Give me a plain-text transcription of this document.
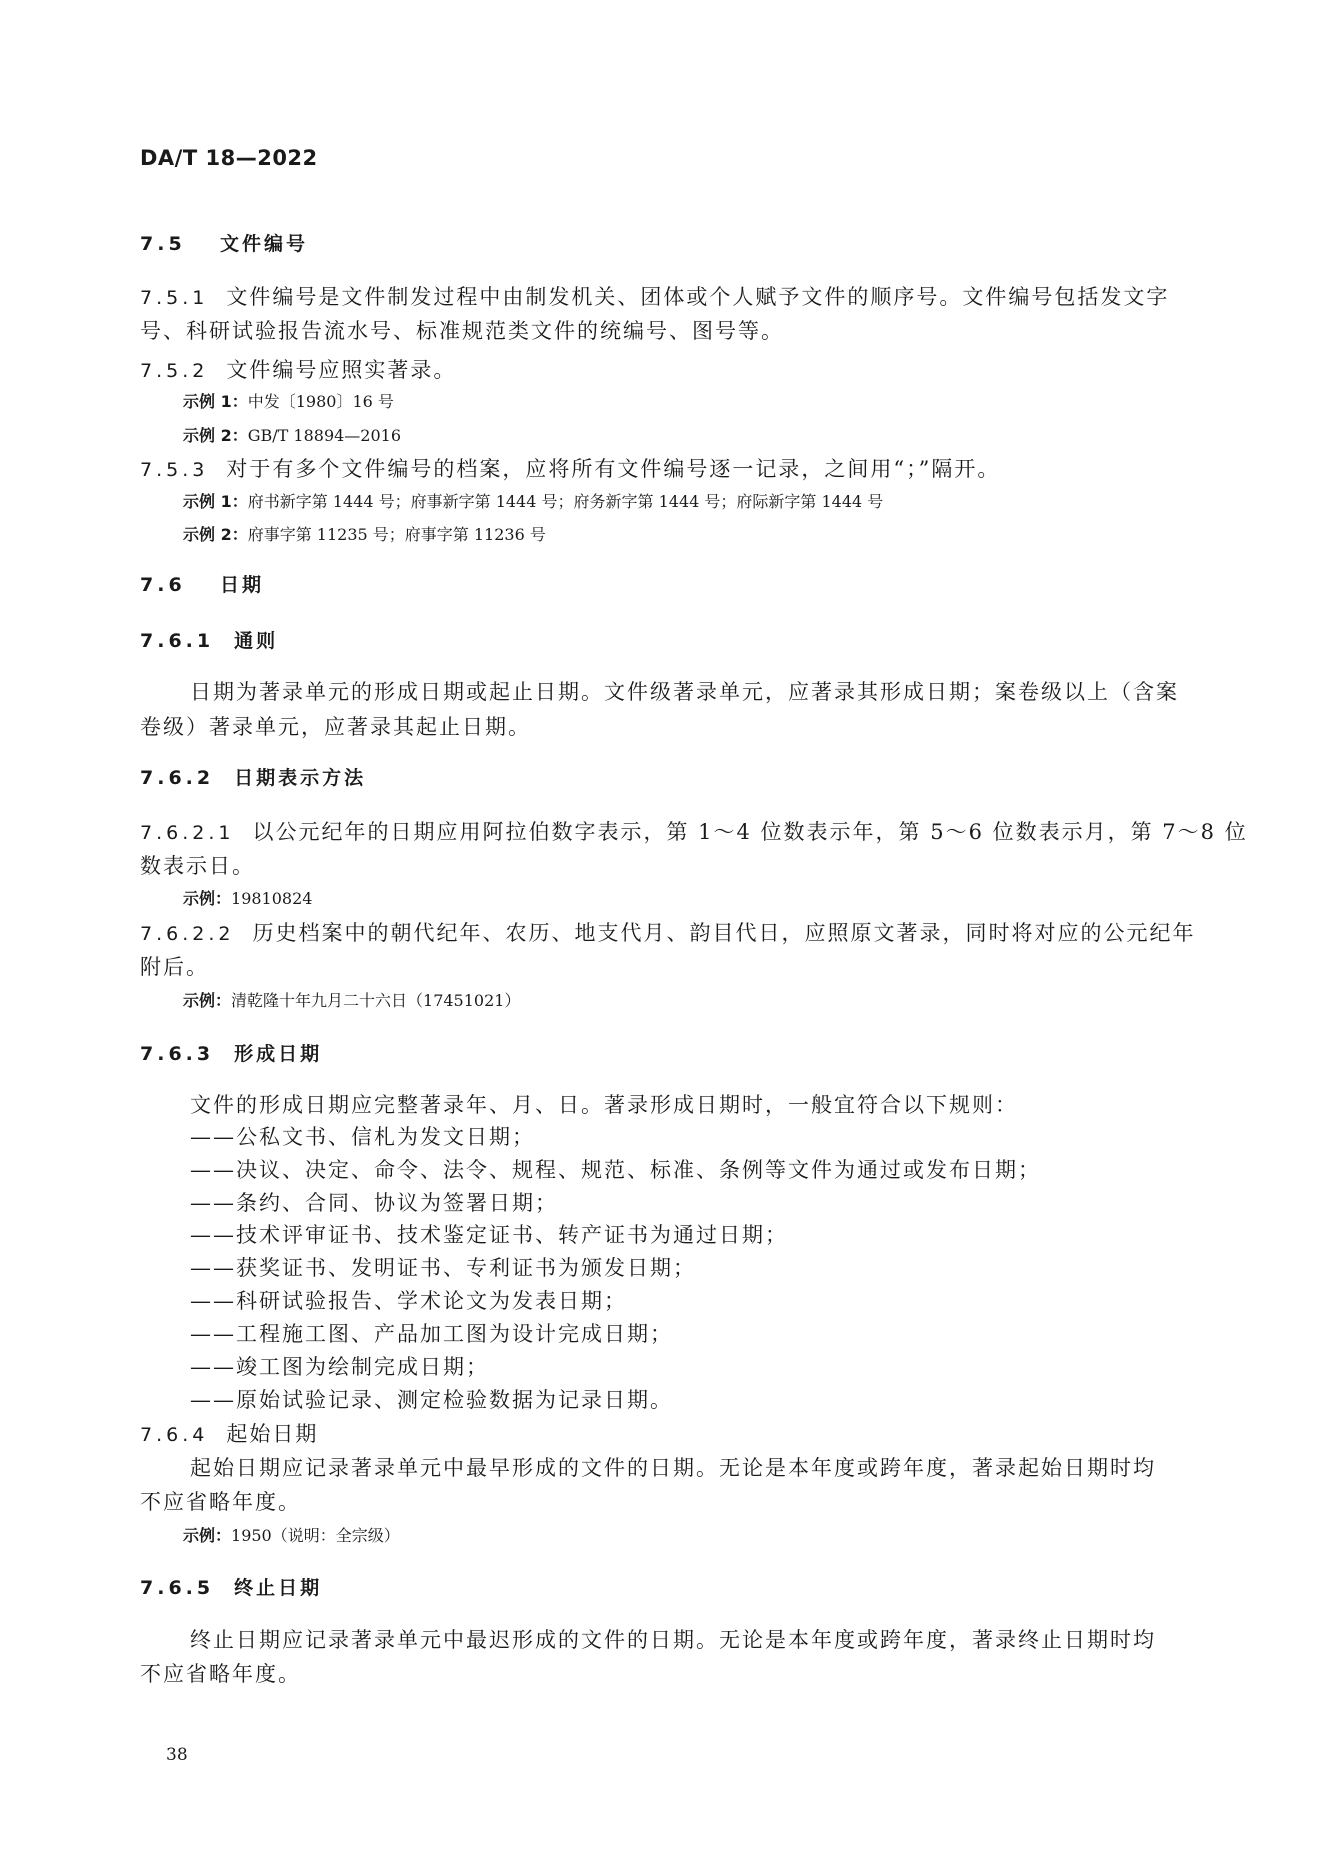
DA/T 18—2022
7.5 文件编号
7.5.1 文件编号是文件制发过程中由制发机关、团体或个人赋予文件的顺序号。文件编号包括发文字
号、科研试验报告流水号、标准规范类文件的统编号、图号等。
7.5.2 文件编号应照实著录。
示例 1：中发〔1980〕16 号
示例 2：GB/T 18894—2016
7.5.3 对于有多个文件编号的档案，应将所有文件编号逐一记录，之间用“；”隔开。
示例 1：府书新字第 1444 号；府事新字第 1444 号；府务新字第 1444 号；府际新字第 1444 号
示例 2：府事字第 11235 号；府事字第 11236 号
7.6 日期
7.6.1 通则
日期为著录单元的形成日期或起止日期。文件级著录单元，应著录其形成日期；案卷级以上（含案
卷级）著录单元，应著录其起止日期。
7.6.2 日期表示方法
7.6.2.1 以公元纪年的日期应用阿拉伯数字表示，第 1～4 位数表示年，第 5～6 位数表示月，第 7～8 位
数表示日。
示例：19810824
7.6.2.2 历史档案中的朝代纪年、农历、地支代月、韵目代日，应照原文著录，同时将对应的公元纪年
附后。
示例：清乾隆十年九月二十六日（17451021）
7.6.3 形成日期
文件的形成日期应完整著录年、月、日。著录形成日期时，一般宜符合以下规则：
——公私文书、信札为发文日期；
——决议、决定、命令、法令、规程、规范、标准、条例等文件为通过或发布日期；
——条约、合同、协议为签署日期；
——技术评审证书、技术鉴定证书、转产证书为通过日期；
——获奖证书、发明证书、专利证书为颁发日期；
——科研试验报告、学术论文为发表日期；
——工程施工图、产品加工图为设计完成日期；
——竣工图为绘制完成日期；
——原始试验记录、测定检验数据为记录日期。
7.6.4 起始日期
起始日期应记录著录单元中最早形成的文件的日期。无论是本年度或跨年度，著录起始日期时均
不应省略年度。
示例：1950（说明：全宗级）
7.6.5 终止日期
终止日期应记录著录单元中最迟形成的文件的日期。无论是本年度或跨年度，著录终止日期时均
不应省略年度。
38
